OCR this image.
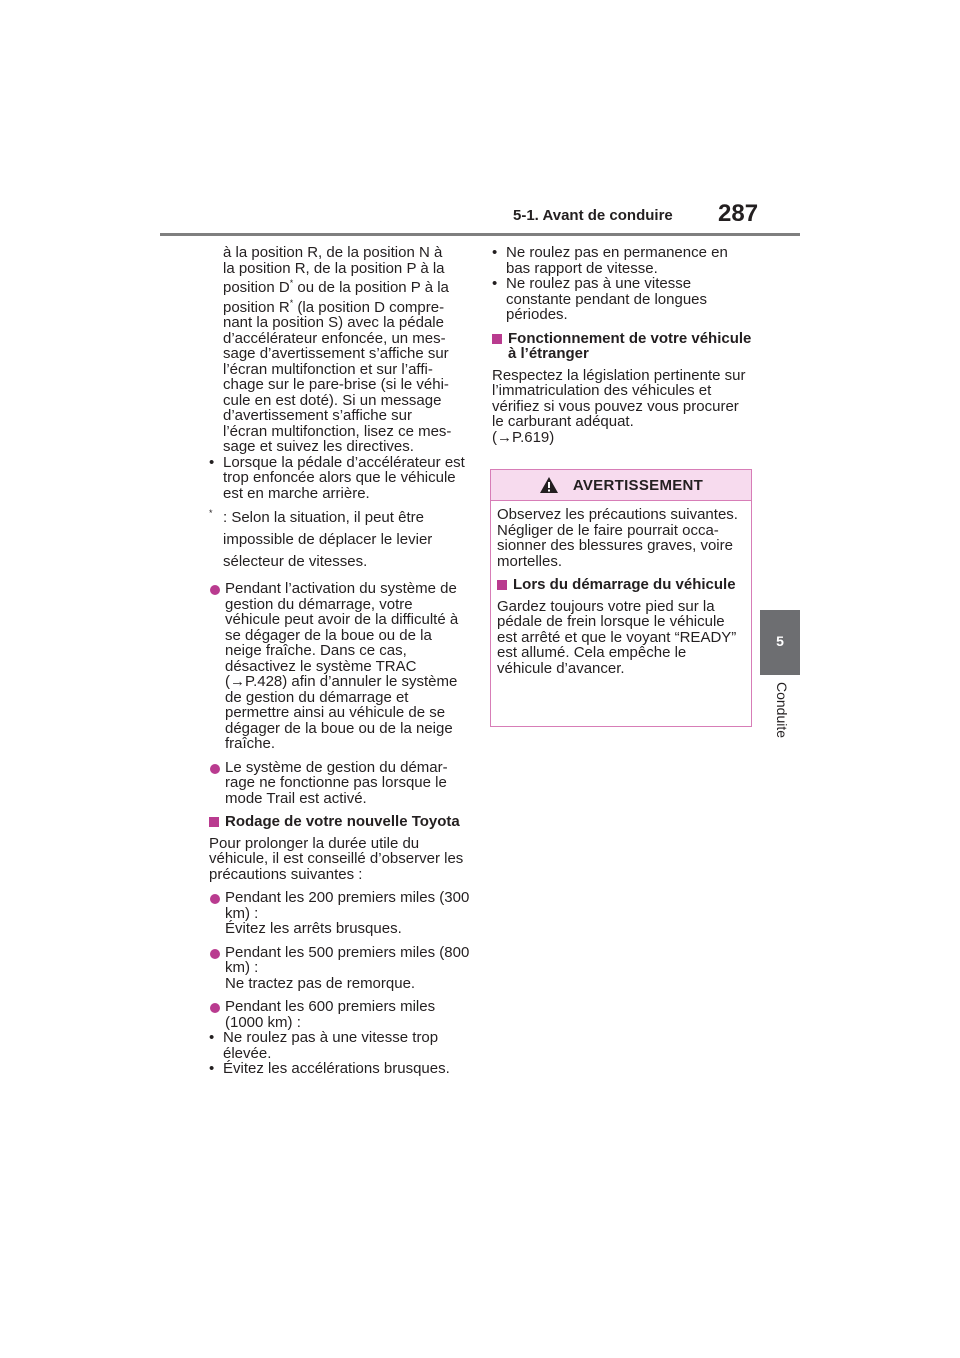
5-1. Avant de conduire 287
5
Conduite

à la position R, de la position N à

la position R, de la position P à la

position D* ou de la position P à la

position R* (la position D compre-

nant la position S) avec la pédale

d’accélérateur enfoncée, un mes-

sage d’avertissement s’affiche sur

l’écran multifonction et sur l’affi-

chage sur le pare-brise (si le véhi-

cule en est doté). Si un message

d’avertissement s’affiche sur

l’écran multifonction, lisez ce mes-

sage et suivez les directives.

• Lorsque la pédale d’accélérateur est trop enfoncée alors que le véhicule est en marche arrière.
* : Selon la situation, il peut être impossible de déplacer le levier sélecteur de vitesses.
Pendant l’activation du système de gestion du démarrage, votre véhicule peut avoir de la difficulté à se dégager de la boue ou de la neige fraîche. Dans ce cas, désactivez le système TRAC (→P.428) afin d’annuler le système de gestion du démarrage et permettre ainsi au véhicule de se dégager de la boue ou de la neige fraîche.
Le système de gestion du démarrage ne fonctionne pas lorsque le mode Trail est activé.
Rodage de votre nouvelle Toyota

Pour prolonger la durée utile du véhicule, il est conseillé d’observer les précautions suivantes :

Pendant les 200 premiers miles (300 km) :

Évitez les arrêts brusques.

Pendant les 500 premiers miles (800 km) :

Ne tractez pas de remorque.

Pendant les 600 premiers miles (1000 km) :

• Ne roulez pas à une vitesse trop élevée.
• Évitez les accélérations brusques.
• Ne roulez pas en permanence en bas rapport de vitesse.
• Ne roulez pas à une vitesse constante pendant de longues périodes.
Fonctionnement de votre véhicule à l’étranger

Respectez la législation pertinente sur l’immatriculation des véhicules et vérifiez si vous pouvez vous procurer le carburant adéquat.

(→P.619)

AVERTISSEMENT

Observez les précautions suivantes.

Négliger de le faire pourrait occasionner des blessures graves, voire mortelles.

Lors du démarrage du véhicule

Gardez toujours votre pied sur la pédale de frein lorsque le véhicule est arrêté et que le voyant “READY” est allumé. Cela empêche le véhicule d’avancer.
